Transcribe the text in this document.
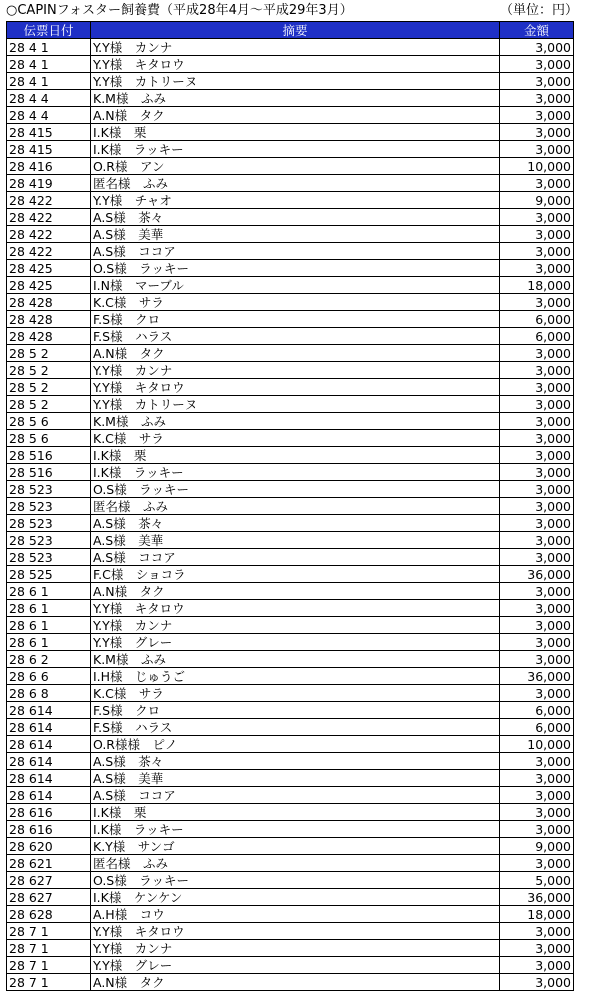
○CAPINフォスター飼養費（平成28年4月～平成29年3月）	（単位：円）
伝票日付	摘要	金額
28 4 1	Y.Y様　カンナ	3,000
28 4 1	Y.Y様　キタロウ	3,000
28 4 1	Y.Y様　カトリーヌ	3,000
28 4 4	K.M様　ふみ	3,000
28 4 4	A.N様　タク	3,000
28 415	I.K様　栗	3,000
28 415	I.K様　ラッキー	3,000
28 416	O.R様　アン	10,000
28 419	匿名様　ふみ	3,000
28 422	Y.Y様　チャオ	9,000
28 422	A.S様　茶々	3,000
28 422	A.S様　美華	3,000
28 422	A.S様　ココア	3,000
28 425	O.S様　ラッキー	3,000
28 425	I.N様　マーブル	18,000
28 428	K.C様　サラ	3,000
28 428	F.S様　クロ	6,000
28 428	F.S様　ハラス	6,000
28 5 2	A.N様　タク	3,000
28 5 2	Y.Y様　カンナ	3,000
28 5 2	Y.Y様　キタロウ	3,000
28 5 2	Y.Y様　カトリーヌ	3,000
28 5 6	K.M様　ふみ	3,000
28 5 6	K.C様　サラ	3,000
28 516	I.K様　栗	3,000
28 516	I.K様　ラッキー	3,000
28 523	O.S様　ラッキー	3,000
28 523	匿名様　ふみ	3,000
28 523	A.S様　茶々	3,000
28 523	A.S様　美華	3,000
28 523	A.S様　ココア	3,000
28 525	F.C様　ショコラ	36,000
28 6 1	A.N様　タク	3,000
28 6 1	Y.Y様　キタロウ	3,000
28 6 1	Y.Y様　カンナ	3,000
28 6 1	Y.Y様　グレー	3,000
28 6 2	K.M様　ふみ	3,000
28 6 6	I.H様　じゅうご	36,000
28 6 8	K.C様　サラ	3,000
28 614	F.S様　クロ	6,000
28 614	F.S様　ハラス	6,000
28 614	O.R様様　ピノ	10,000
28 614	A.S様　茶々	3,000
28 614	A.S様　美華	3,000
28 614	A.S様　ココア	3,000
28 616	I.K様　栗	3,000
28 616	I.K様　ラッキー	3,000
28 620	K.Y様　サンゴ	9,000
28 621	匿名様　ふみ	3,000
28 627	O.S様　ラッキー	5,000
28 627	I.K様　ケンケン	36,000
28 628	A.H様　コウ	18,000
28 7 1	Y.Y様　キタロウ	3,000
28 7 1	Y.Y様　カンナ	3,000
28 7 1	Y.Y様　グレー	3,000
28 7 1	A.N様　タク	3,000
